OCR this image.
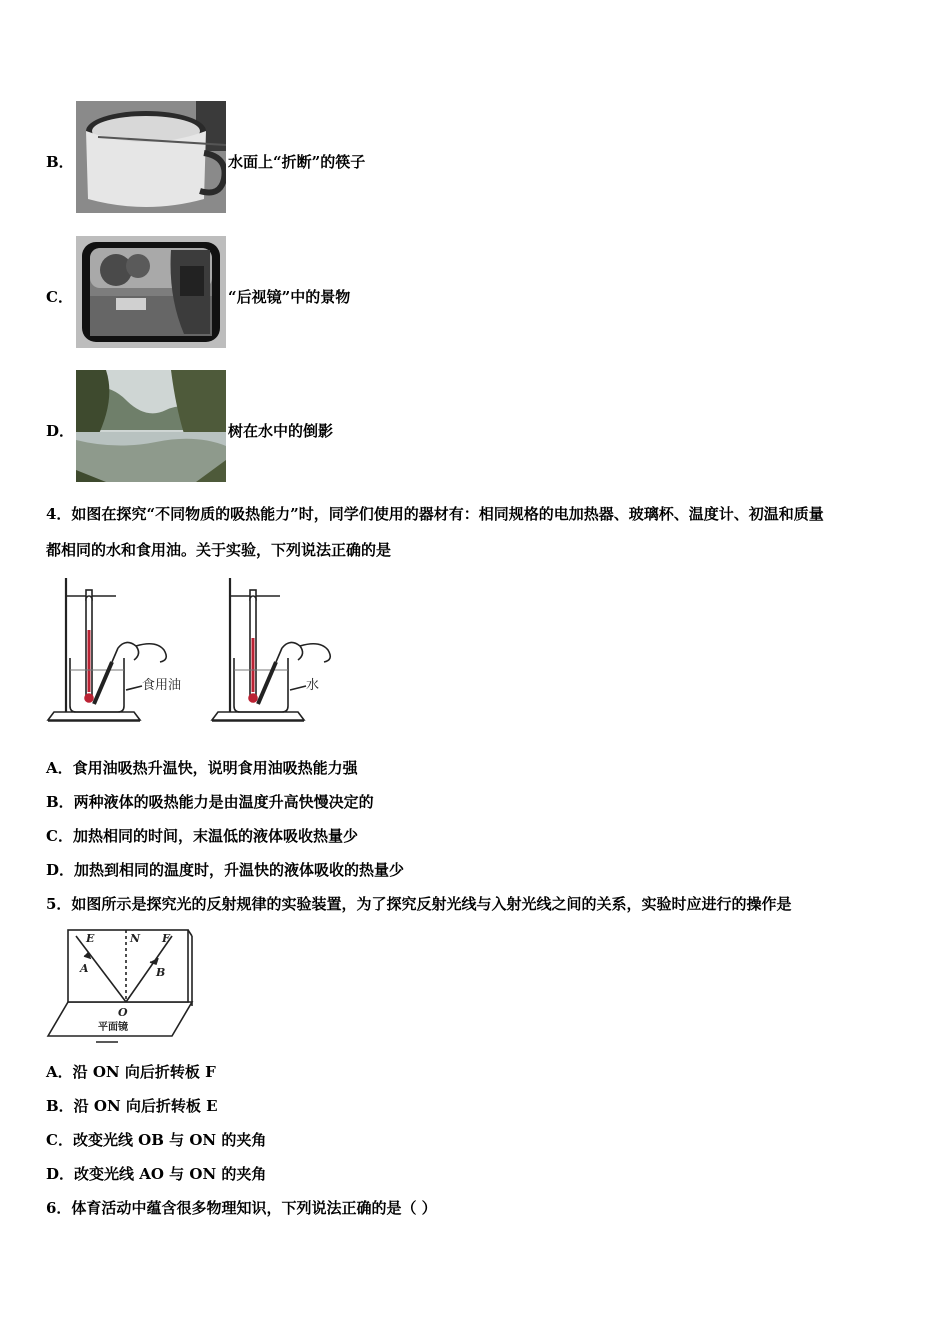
B．	水面上“折断”的筷子
C．	“后视镜”中的景物
D．	树在水中的倒影
4．如图在探究“不同物质的吸热能力”时，同学们使用的器材有：相同规格的电加热器、玻璃杯、温度计、初温和质量
都相同的水和食用油。关于实验，下列说法正确的是
食用油	水
A．食用油吸热升温快，说明食用油吸热能力强
B．两种液体的吸热能力是由温度升高快慢决定的
C．加热相同的时间，末温低的液体吸收热量少
D．加热到相同的温度时，升温快的液体吸收的热量少
5．如图所示是探究光的反射规律的实验装置，为了探究反射光线与入射光线之间的关系，实验时应进行的操作是
E	N F
A	B
O
平面镜
A．沿 ON 向后折转板 F
B．沿 ON 向后折转板 E
C．改变光线 OB 与 ON 的夹角
D．改变光线 AO 与 ON 的夹角
6．体育活动中蕴含很多物理知识，下列说法正确的是（ ）
